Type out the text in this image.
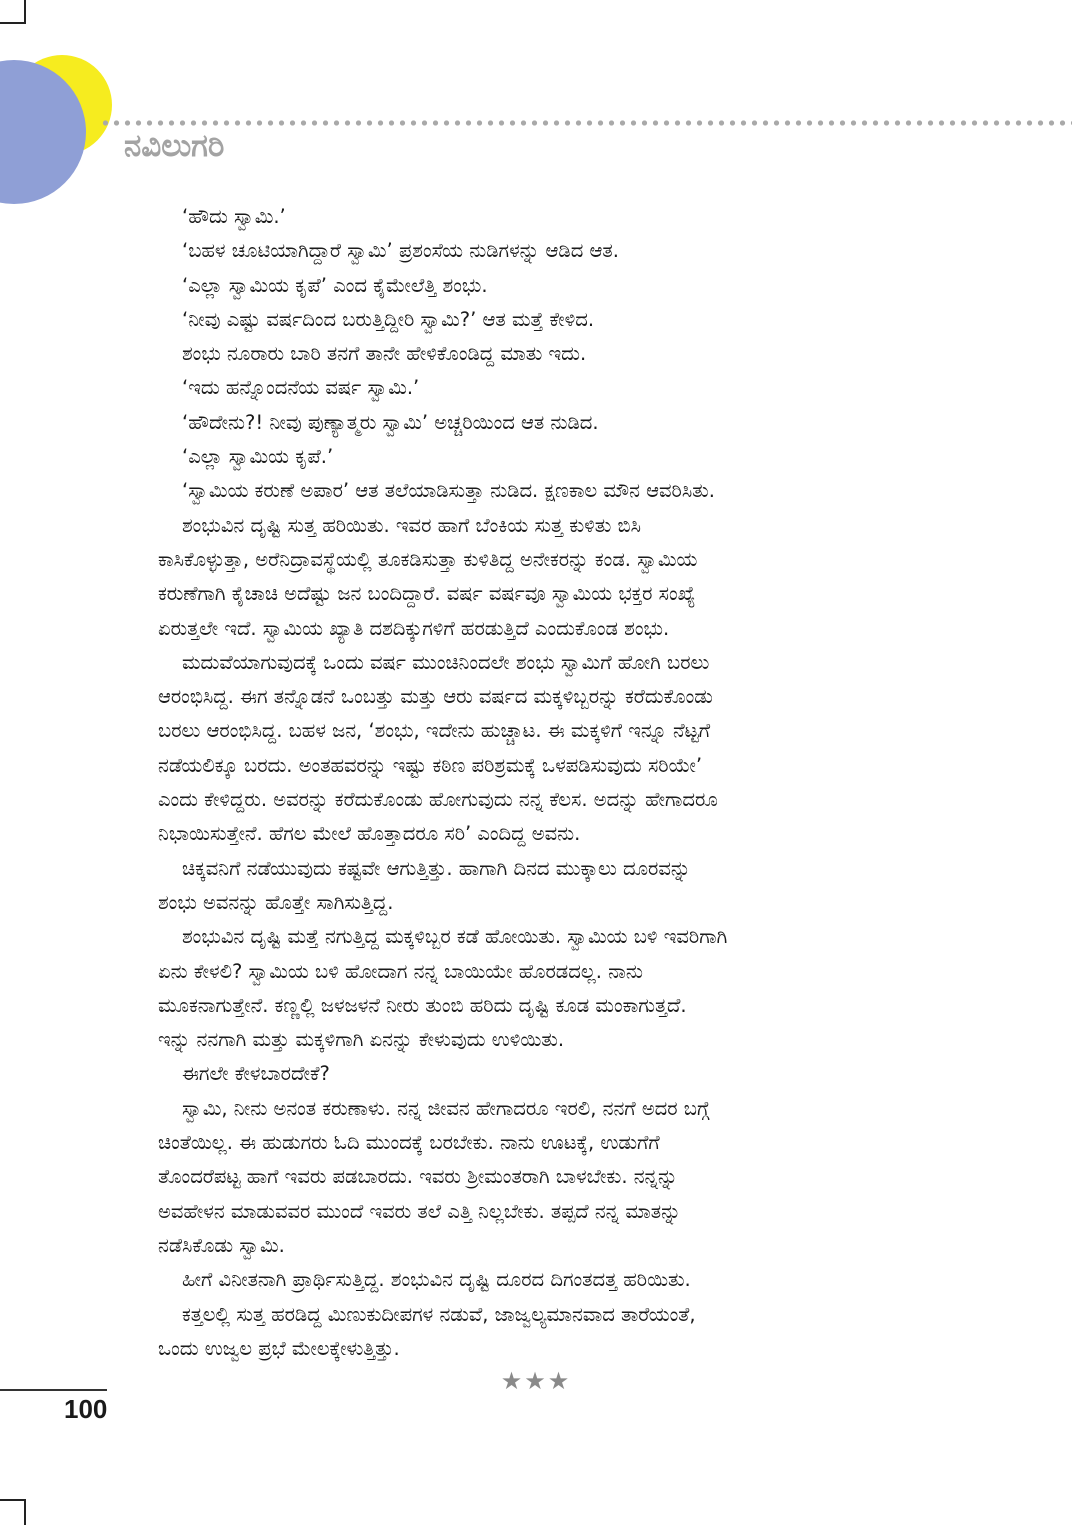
ನವಿಲುಗರಿ
‘ಹೌದು ಸ್ವಾಮಿ.’
‘ಬಹಳ ಚೂಟಿಯಾಗಿದ್ದಾರೆ ಸ್ವಾಮಿ’ ಪ್ರಶಂಸೆಯ ನುಡಿಗಳನ್ನು ಆಡಿದ ಆತ.
‘ಎಲ್ಲಾ ಸ್ವಾಮಿಯ ಕೃಪೆ’ ಎಂದ ಕೈಮೇಲೆತ್ತಿ ಶಂಭು.
‘ನೀವು ಎಷ್ಟು ವರ್ಷದಿಂದ ಬರುತ್ತಿದ್ದೀರಿ ಸ್ವಾಮಿ?’ ಆತ ಮತ್ತೆ ಕೇಳಿದ.
ಶಂಭು ನೂರಾರು ಬಾರಿ ತನಗೆ ತಾನೇ ಹೇಳಿಕೊಂಡಿದ್ದ ಮಾತು ಇದು.
‘ಇದು ಹನ್ನೊಂದನೆಯ ವರ್ಷ ಸ್ವಾಮಿ.’
‘ಹೌದೇನು?! ನೀವು ಪುಣ್ಯಾತ್ಮರು ಸ್ವಾಮಿ’ ಅಚ್ಚರಿಯಿಂದ ಆತ ನುಡಿದ.
‘ಎಲ್ಲಾ ಸ್ವಾಮಿಯ ಕೃಪೆ.’
‘ಸ್ವಾಮಿಯ ಕರುಣೆ ಅಪಾರ’ ಆತ ತಲೆಯಾಡಿಸುತ್ತಾ ನುಡಿದ. ಕ್ಷಣಕಾಲ ಮೌನ ಆವರಿಸಿತು.
ಶಂಭುವಿನ ದೃಷ್ಟಿ ಸುತ್ತ ಹರಿಯಿತು. ಇವರ ಹಾಗೆ ಬೆಂಕಿಯ ಸುತ್ತ ಕುಳಿತು ಬಿಸಿ
ಕಾಸಿಕೊಳ್ಳುತ್ತಾ, ಅರೆನಿದ್ರಾವಸ್ಥೆಯಲ್ಲಿ ತೂಕಡಿಸುತ್ತಾ ಕುಳಿತಿದ್ದ ಅನೇಕರನ್ನು ಕಂಡ. ಸ್ವಾಮಿಯ
ಕರುಣೆಗಾಗಿ ಕೈಚಾಚಿ ಅದೆಷ್ಟು ಜನ ಬಂದಿದ್ದಾರೆ. ವರ್ಷ ವರ್ಷವೂ ಸ್ವಾಮಿಯ ಭಕ್ತರ ಸಂಖ್ಯೆ
ಏರುತ್ತಲೇ ಇದೆ. ಸ್ವಾಮಿಯ ಖ್ಯಾತಿ ದಶದಿಕ್ಕುಗಳಿಗೆ ಹರಡುತ್ತಿದೆ ಎಂದುಕೊಂಡ ಶಂಭು.
ಮದುವೆಯಾಗುವುದಕ್ಕೆ ಒಂದು ವರ್ಷ ಮುಂಚಿನಿಂದಲೇ ಶಂಭು ಸ್ವಾಮಿಗೆ ಹೋಗಿ ಬರಲು
ಆರಂಭಿಸಿದ್ದ. ಈಗ ತನ್ನೊಡನೆ ಒಂಬತ್ತು ಮತ್ತು ಆರು ವರ್ಷದ ಮಕ್ಕಳಿಬ್ಬರನ್ನು ಕರೆದುಕೊಂಡು
ಬರಲು ಆರಂಭಿಸಿದ್ದ. ಬಹಳ ಜನ, ‘ಶಂಭು, ಇದೇನು ಹುಚ್ಚಾಟ. ಈ ಮಕ್ಕಳಿಗೆ ಇನ್ನೂ ನೆಟ್ಟಗೆ
ನಡೆಯಲಿಕ್ಕೂ ಬರದು. ಅಂತಹವರನ್ನು ಇಷ್ಟು ಕಠಿಣ ಪರಿಶ್ರಮಕ್ಕೆ ಒಳಪಡಿಸುವುದು ಸರಿಯೇ’
ಎಂದು ಕೇಳಿದ್ದರು. ಅವರನ್ನು ಕರೆದುಕೊಂಡು ಹೋಗುವುದು ನನ್ನ ಕೆಲಸ. ಅದನ್ನು ಹೇಗಾದರೂ
ನಿಭಾಯಿಸುತ್ತೇನೆ. ಹೆಗಲ ಮೇಲೆ ಹೊತ್ತಾದರೂ ಸರಿ’ ಎಂದಿದ್ದ ಅವನು.
ಚಿಕ್ಕವನಿಗೆ ನಡೆಯುವುದು ಕಷ್ಟವೇ ಆಗುತ್ತಿತ್ತು. ಹಾಗಾಗಿ ದಿನದ ಮುಕ್ಕಾಲು ದೂರವನ್ನು
ಶಂಭು ಅವನನ್ನು ಹೊತ್ತೇ ಸಾಗಿಸುತ್ತಿದ್ದ.
ಶಂಭುವಿನ ದೃಷ್ಟಿ ಮತ್ತೆ ನಗುತ್ತಿದ್ದ ಮಕ್ಕಳಿಬ್ಬರ ಕಡೆ ಹೋಯಿತು. ಸ್ವಾಮಿಯ ಬಳಿ ಇವರಿಗಾಗಿ
ಏನು ಕೇಳಲಿ? ಸ್ವಾಮಿಯ ಬಳಿ ಹೋದಾಗ ನನ್ನ ಬಾಯಿಯೇ ಹೊರಡದಲ್ಲ. ನಾನು
ಮೂಕನಾಗುತ್ತೇನೆ. ಕಣ್ಣಲ್ಲಿ ಜಳಜಳನೆ ನೀರು ತುಂಬಿ ಹರಿದು ದೃಷ್ಟಿ ಕೂಡ ಮಂಕಾಗುತ್ತದೆ.
ಇನ್ನು ನನಗಾಗಿ ಮತ್ತು ಮಕ್ಕಳಿಗಾಗಿ ಏನನ್ನು ಕೇಳುವುದು ಉಳಿಯಿತು.
ಈಗಲೇ ಕೇಳಬಾರದೇಕೆ?
ಸ್ವಾಮಿ, ನೀನು ಅನಂತ ಕರುಣಾಳು. ನನ್ನ ಜೀವನ ಹೇಗಾದರೂ ಇರಲಿ, ನನಗೆ ಅದರ ಬಗ್ಗೆ
ಚಿಂತೆಯಿಲ್ಲ. ಈ ಹುಡುಗರು ಓದಿ ಮುಂದಕ್ಕೆ ಬರಬೇಕು. ನಾನು ಊಟಕ್ಕೆ, ಉಡುಗೆಗೆ
ತೊಂದರೆಪಟ್ಟ ಹಾಗೆ ಇವರು ಪಡಬಾರದು. ಇವರು ಶ್ರೀಮಂತರಾಗಿ ಬಾಳಬೇಕು. ನನ್ನನ್ನು
ಅವಹೇಳನ ಮಾಡುವವರ ಮುಂದೆ ಇವರು ತಲೆ ಎತ್ತಿ ನಿಲ್ಲಬೇಕು. ತಪ್ಪದೆ ನನ್ನ ಮಾತನ್ನು
ನಡೆಸಿಕೊಡು ಸ್ವಾಮಿ.
ಹೀಗೆ ವಿನೀತನಾಗಿ ಪ್ರಾರ್ಥಿಸುತ್ತಿದ್ದ. ಶಂಭುವಿನ ದೃಷ್ಟಿ ದೂರದ ದಿಗಂತದತ್ತ ಹರಿಯಿತು.
ಕತ್ತಲಲ್ಲಿ ಸುತ್ತ ಹರಡಿದ್ದ ಮಿಣುಕುದೀಪಗಳ ನಡುವೆ, ಜಾಜ್ವಲ್ಯಮಾನವಾದ ತಾರೆಯಂತೆ,
ಒಂದು ಉಜ್ವಲ ಪ್ರಭೆ ಮೇಲಕ್ಕೇಳುತ್ತಿತ್ತು.
★★★
100
